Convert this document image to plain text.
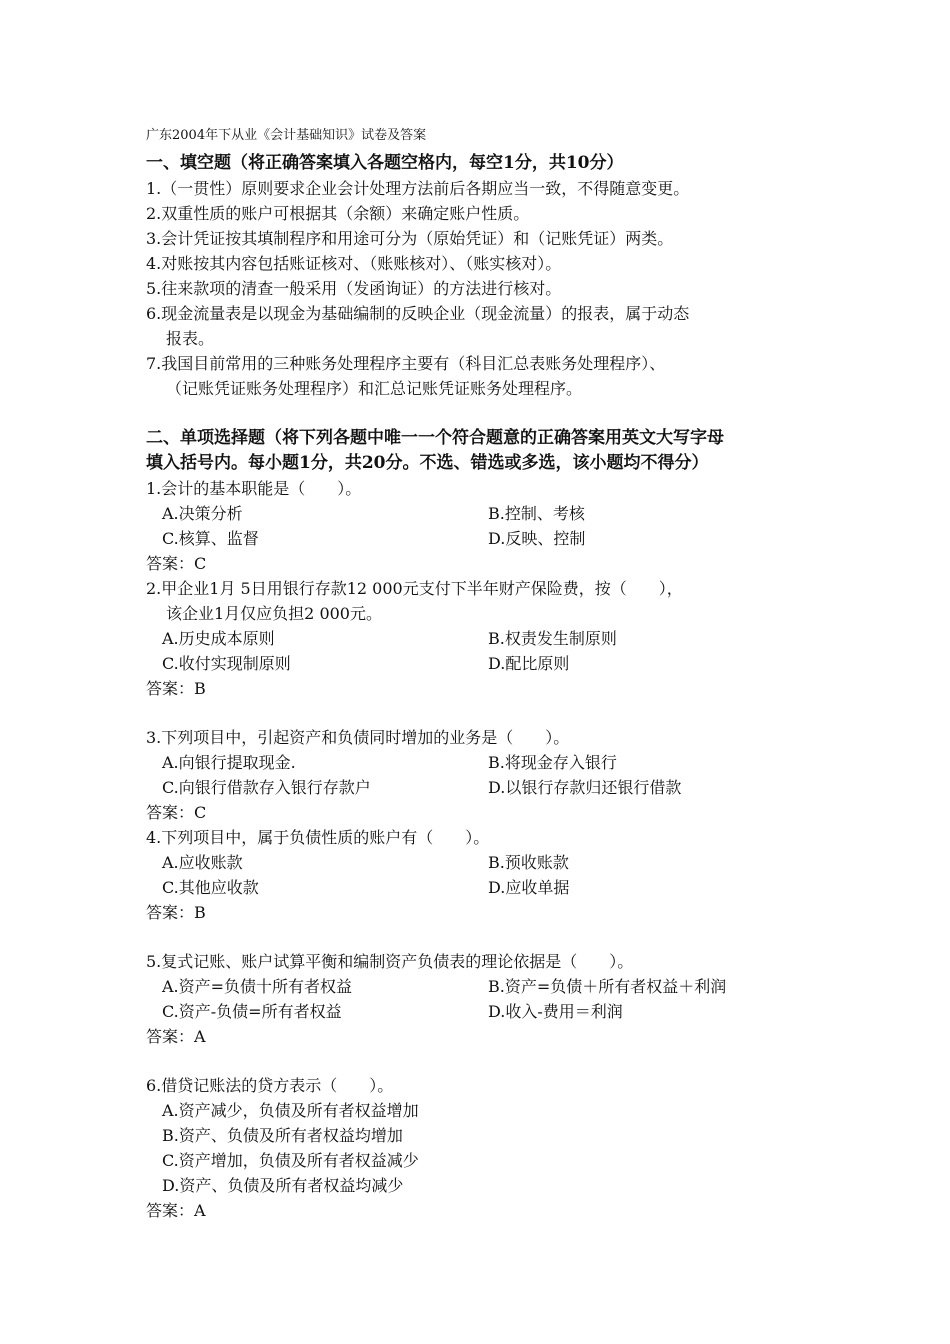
广东2004年下从业《会计基础知识》试卷及答案
一、填空题（将正确答案填入各题空格内，每空1分，共10分）
1.（一贯性）原则要求企业会计处理方法前后各期应当一致，不得随意变更。
2.双重性质的账户可根据其（余额）来确定账户性质。
3.会计凭证按其填制程序和用途可分为（原始凭证）和（记账凭证）两类。
4.对账按其内容包括账证核对、（账账核对）、（账实核对）。
5.往来款项的清查一般采用（发函询证）的方法进行核对。
6.现金流量表是以现金为基础编制的反映企业（现金流量）的报表，属于动态
报表。
7.我国目前常用的三种账务处理程序主要有（科目汇总表账务处理程序）、
（记账凭证账务处理程序）和汇总记账凭证账务处理程序。
二、单项选择题（将下列各题中唯一一个符合题意的正确答案用英文大写字母
填入括号内。每小题1分，共20分。不选、错选或多选，该小题均不得分）
1.会计的基本职能是（　　）。
A.决策分析	B.控制、考核
C.核算、监督	D.反映、控制
答案：C
2.甲企业1月 5日用银行存款12 000元支付下半年财产保险费，按（　　），
该企业1月仅应负担2 000元。
A.历史成本原则	B.权责发生制原则
C.收付实现制原则	D.配比原则
答案：B
3.下列项目中，引起资产和负债同时增加的业务是（　　）。
A.向银行提取现金.	B.将现金存入银行
C.向银行借款存入银行存款户	D.以银行存款归还银行借款
答案：C
4.下列项目中，属于负债性质的账户有（　　）。
A.应收账款	B.预收账款
C.其他应收款	D.应收单据
答案：B
5.复式记账、账户试算平衡和编制资产负债表的理论依据是（　　）。
A.资产=负债十所有者权益	B.资产=负债＋所有者权益＋利润
C.资产-负债=所有者权益	D.收入-费用＝利润
答案：A
6.借贷记账法的贷方表示（　　）。
A.资产减少，负债及所有者权益增加
B.资产、负债及所有者权益均增加
C.资产增加，负债及所有者权益减少
D.资产、负债及所有者权益均减少
答案：A
